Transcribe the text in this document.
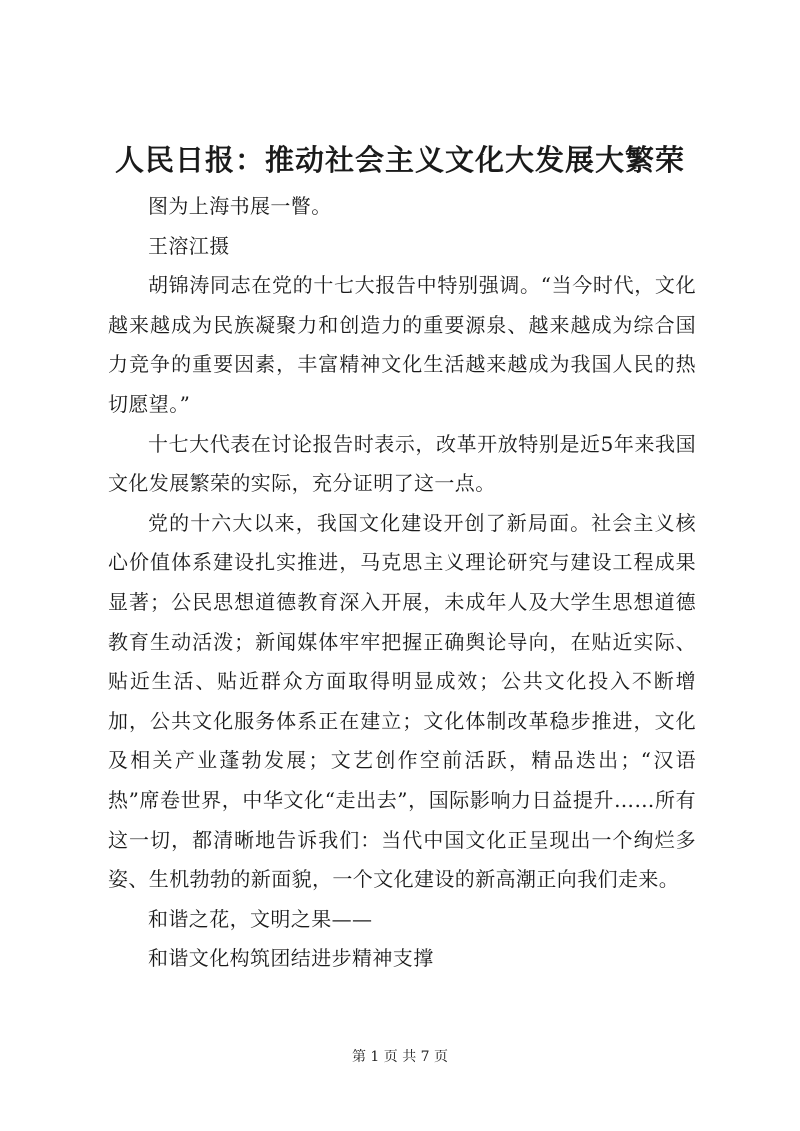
人民日报：推动社会主义文化大发展大繁荣

图为上海书展一瞥。

王溶江摄

胡锦涛同志在党的十七大报告中特别强调。“当今时代，文化越来越成为民族凝聚力和创造力的重要源泉、越来越成为综合国力竞争的重要因素，丰富精神文化生活越来越成为我国人民的热切愿望。”

十七大代表在讨论报告时表示，改革开放特别是近5年来我国文化发展繁荣的实际，充分证明了这一点。

党的十六大以来，我国文化建设开创了新局面。社会主义核心价值体系建设扎实推进，马克思主义理论研究与建设工程成果显著；公民思想道德教育深入开展，未成年人及大学生思想道德教育生动活泼；新闻媒体牢牢把握正确舆论导向，在贴近实际、贴近生活、贴近群众方面取得明显成效；公共文化投入不断增加，公共文化服务体系正在建立；文化体制改革稳步推进，文化及相关产业蓬勃发展；文艺创作空前活跃，精品迭出；“汉语热”席卷世界，中华文化“走出去”，国际影响力日益提升……所有这一切，都清晰地告诉我们：当代中国文化正呈现出一个绚烂多姿、生机勃勃的新面貌，一个文化建设的新高潮正向我们走来。

和谐之花，文明之果——

和谐文化构筑团结进步精神支撑

第 1 页 共 7 页
